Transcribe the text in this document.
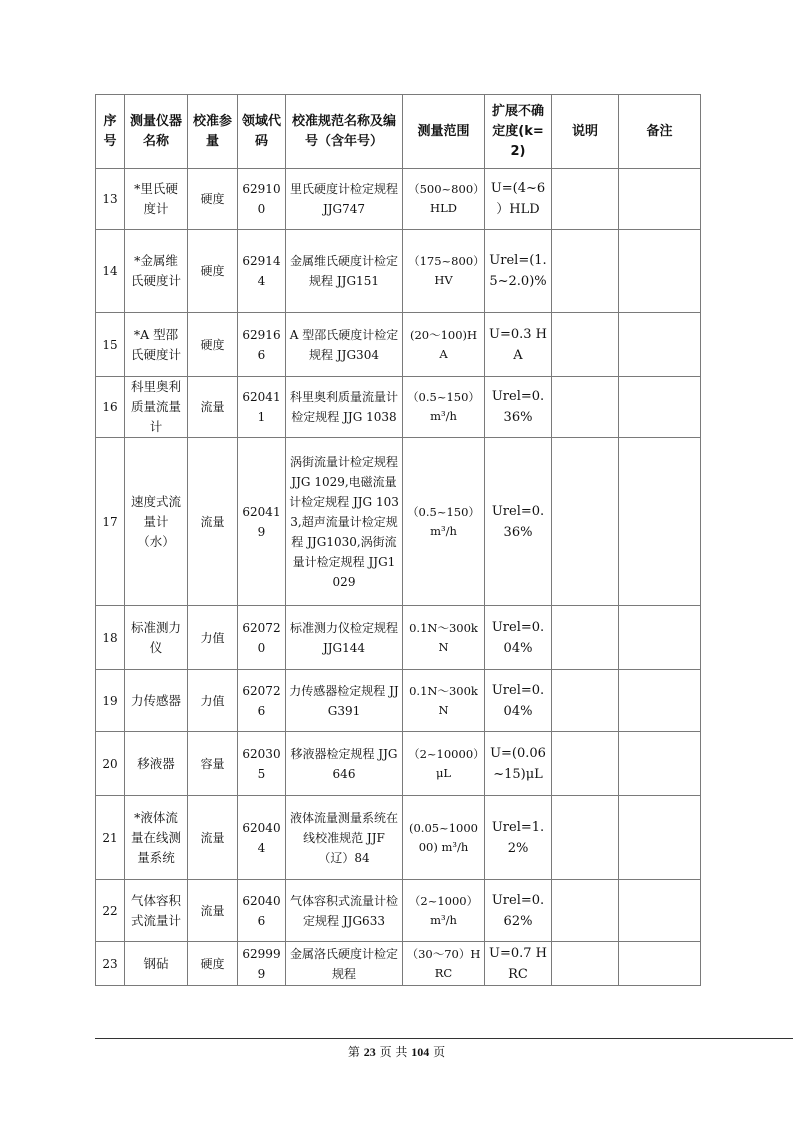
序号	测量仪器名称	校准参量	领域代码	校准规范名称及编号（含年号）	测量范围	扩展不确定度(k=2)	说明	备注
13	*里氏硬度计	硬度	629100	里氏硬度计检定规程 JJG747	（500~800）HLD	U=(4~6 ）HLD		
14	*金属维氏硬度计	硬度	629144	金属维氏硬度计检定规程 JJG151	（175~800）HV	Urel=(1.5~2.0)%		
15	*A 型邵氏硬度计	硬度	629166	A 型邵氏硬度计检定规程 JJG304	(20～100)HA	U=0.3 HA		
16	科里奥利质量流量计	流量	620411	科里奥利质量流量计检定规程 JJG 1038	（0.5~150）m³/h	Urel=0.36%		
17	速度式流量计（水）	流量	620419	涡街流量计检定规程 JJG 1029,电磁流量计检定规程 JJG 1033,超声流量计检定规程 JJG1030,涡街流量计检定规程 JJG1029	（0.5~150）m³/h	Urel=0.36%		
18	标准测力仪	力值	620720	标准测力仪检定规程 JJG144	0.1N～300kN	Urel=0.04%		
19	力传感器	力值	620726	力传感器检定规程 JJG391	0.1N～300kN	Urel=0.04%		
20	移液器	容量	620305	移液器检定规程 JJG646	（2~10000）μL	U=(0.06~15)μL		
21	*液体流量在线测量系统	流量	620404	液体流量测量系统在线校准规范 JJF（辽）84	(0.05~100000) m³/h	Urel=1.2%		
22	气体容积式流量计	流量	620406	气体容积式流量计检定规程 JJG633	（2~1000）m³/h	Urel=0.62%		
23	钢砧	硬度	629999	金属洛氏硬度计检定规程	（30～70）HRC	U=0.7 HRC		
第 23 页 共 104 页
